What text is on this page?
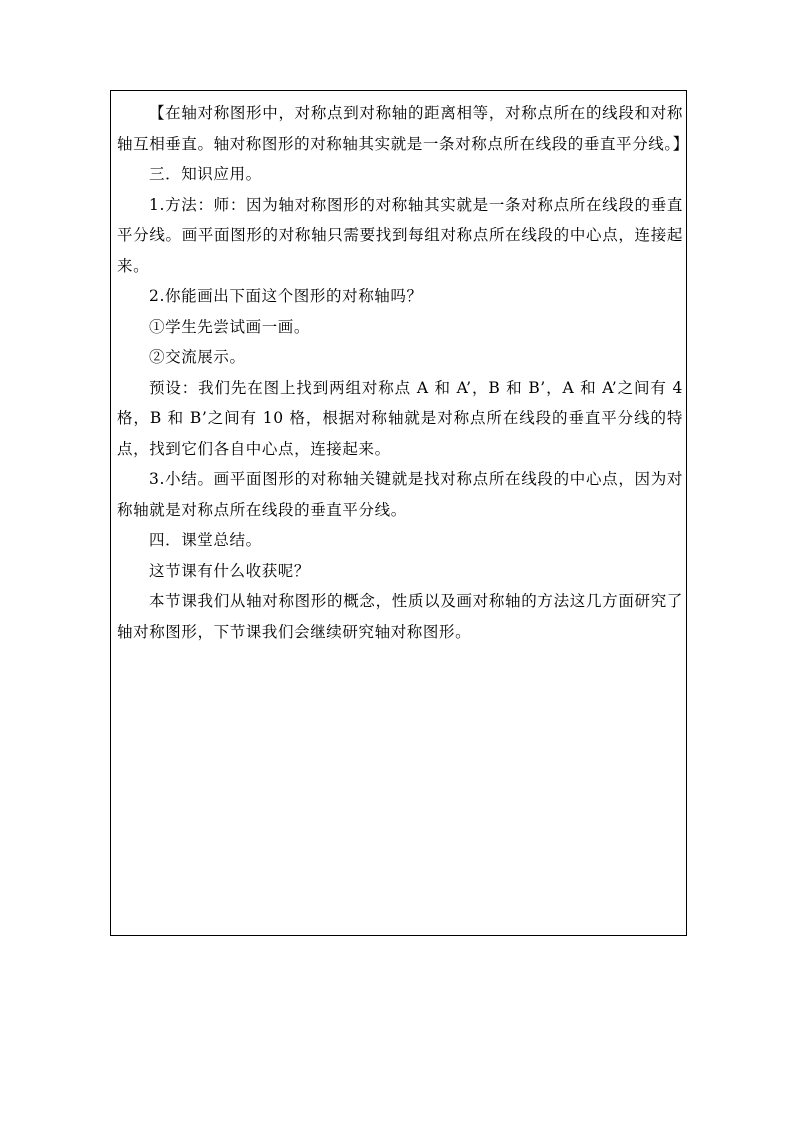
【在轴对称图形中，对称点到对称轴的距离相等，对称点所在的线段和对称轴互相垂直。轴对称图形的对称轴其实就是一条对称点所在线段的垂直平分线。】

三．知识应用。

1.方法：师：因为轴对称图形的对称轴其实就是一条对称点所在线段的垂直平分线。画平面图形的对称轴只需要找到每组对称点所在线段的中心点，连接起来。

2.你能画出下面这个图形的对称轴吗？

①学生先尝试画一画。

②交流展示。

预设：我们先在图上找到两组对称点 A 和 A’，B 和 B’，A 和 A’之间有 4 格，B 和 B’之间有 10 格，根据对称轴就是对称点所在线段的垂直平分线的特点，找到它们各自中心点，连接起来。

3.小结。画平面图形的对称轴关键就是找对称点所在线段的中心点，因为对称轴就是对称点所在线段的垂直平分线。

四．课堂总结。

这节课有什么收获呢？

本节课我们从轴对称图形的概念，性质以及画对称轴的方法这几方面研究了轴对称图形，下节课我们会继续研究轴对称图形。
